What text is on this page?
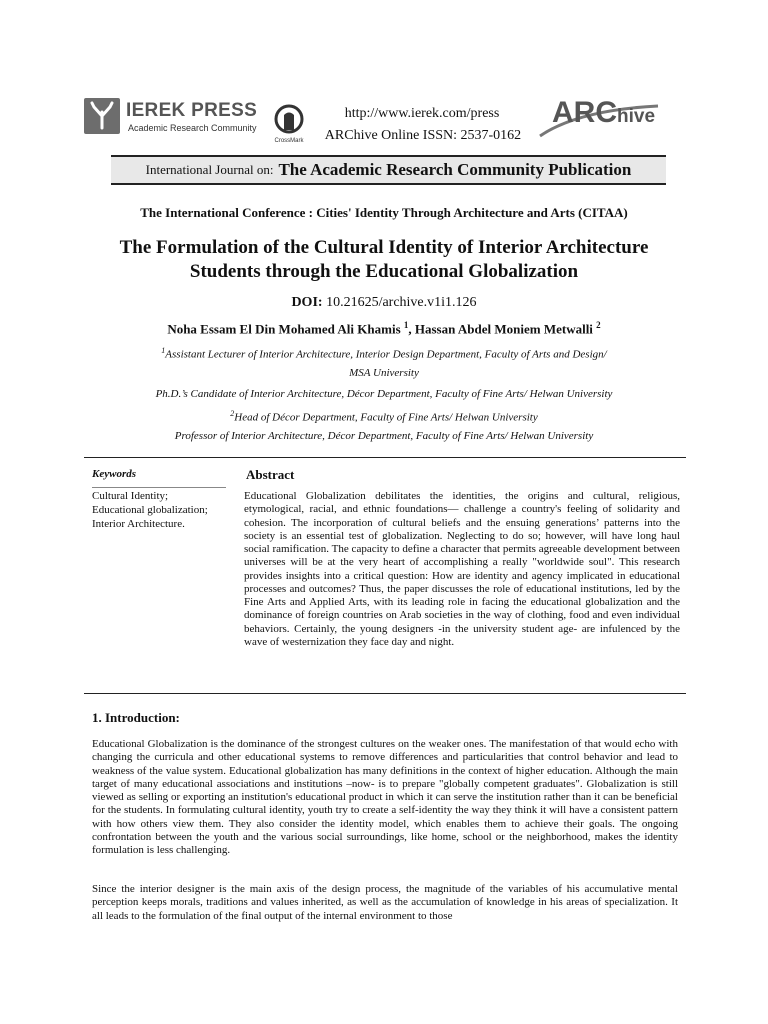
IEREK PRESS
Academic Research Community
CrossMark
http://www.ierek.com/press
ARChive Online ISSN: 2537-0162
ARChive
International Journal on: The Academic Research Community Publication
The International Conference : Cities' Identity Through Architecture and Arts (CITAA)
The Formulation of the Cultural Identity of Interior Architecture
Students through the Educational Globalization
DOI: 10.21625/archive.v1i1.126
Noha Essam El Din Mohamed Ali Khamis $^1$, Hassan Abdel Moniem Metwalli $^2$
$^1$Assistant Lecturer of Interior Architecture, Interior Design Department, Faculty of Arts and Design/
MSA University
Ph.D.’s Candidate of Interior Architecture, Décor Department, Faculty of Fine Arts/ Helwan University
$^2$Head of Décor Department, Faculty of Fine Arts/ Helwan University
Professor of Interior Architecture, Décor Department, Faculty of Fine Arts/ Helwan University
Keywords
Cultural Identity;
Educational globalization;
Interior Architecture.
Abstract
Educational Globalization debilitates the identities, the origins and cultural, religious, etymological, racial, and ethnic foundations— challenge a country's feeling of solidarity and cohesion. The incorporation of cultural beliefs and the ensuing generations’ patterns into the society is an essential test of globalization. Neglecting to do so; however, will have long haul social ramification. The capacity to define a character that permits agreeable development between universes will be at the very heart of accomplishing a really "worldwide soul". This research provides insights into a critical question: How are identity and agency implicated in educational processes and outcomes? Thus, the paper discusses the role of educational institutions, led by the Fine Arts and Applied Arts, with its leading role in facing the educational globalization and the dominance of foreign countries on Arab societies in the way of clothing, food and even individual behaviors. Certainly, the young designers -in the university student age- are infulenced by the wave of westernization they face day and night.
1. Introduction:
Educational Globalization is the dominance of the strongest cultures on the weaker ones. The manifestation of that would echo with changing the curricula and other educational systems to remove differences and particularities that control behavior and lead to weakness of the value system. Educational globalization has many definitions in the context of higher education. Although the main target of many educational associations and institutions –now- is to prepare "globally competent graduates". Globalization is still viewed as selling or exporting an institution's educational product in which it can serve the institution rather than it can be beneficial for the students. In formulating cultural identity, youth try to create a self-identity the way they think it will have a consistent pattern with how others view them. They also consider the identity model, which enables them to achieve their goals. The ongoing confrontation between the youth and the various social surroundings, like home, school or the neighborhood, makes the identity formulation is less challenging.
Since the interior designer is the main axis of the design process, the magnitude of the variables of his accumulative mental perception keeps morals, traditions and values inherited, as well as the accumulation of knowledge in his areas of specialization. It all leads to the formulation of the final output of the internal environment to those
